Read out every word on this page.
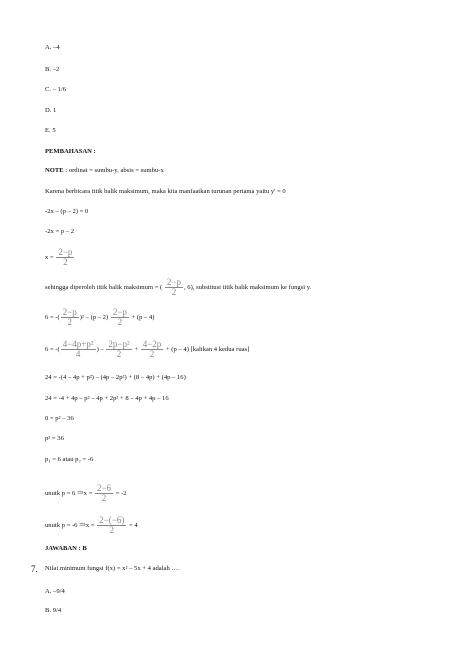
A. –4
B. –2
C. – 1/6
D. 1
E. 5
PEMBAHASAN :
NOTE : ordinat = sumbu-y, absis = sumbu-x
Karena berbicara titik balik maksimum, maka kita manfaatkan turunan pertama yaitu y' = 0
-2x – (p – 2) = 0
-2x = p – 2
$x = \frac{2-p}{2}$
sehingga diperoleh titik balik maksimum = ( $\frac{2-p}{2}$ , 6), substitusi titik balik maksimum ke fungsi y.
6 = -( $\frac{2-p}{2} )^2 - (p - 2) \frac{2-p}{2} + (p - 4)$
6 = -( $\frac{\text{4−4p+p²}}{4}$ ) – $\frac{\text{2p−p²}}{2} + \frac{4-2p}{2} + (p - 4)$ [kalikan 4 kedua ruas]
24 = -(4 – 4p + p²) – (4p – 2p²) + (8 – 4p) + (4p – 16)
24 = -4 + 4p – p² – 4p + 2p² + 8 – 4p + 4p – 16
0 = p² – 36
p² = 36
p₁ = 6 atau p₂ = -6
unutk p = 6 ⇒x = $\frac{2-6}{2} = -2$
unutk p = -6 ⇒x = $\frac{2-(-6)}{2} = 4$
JAWABAN : B
7. Nilai minimum fungsi f(x) = x² – 5x + 4 adalah ….
A. –9/4
B. 9/4
